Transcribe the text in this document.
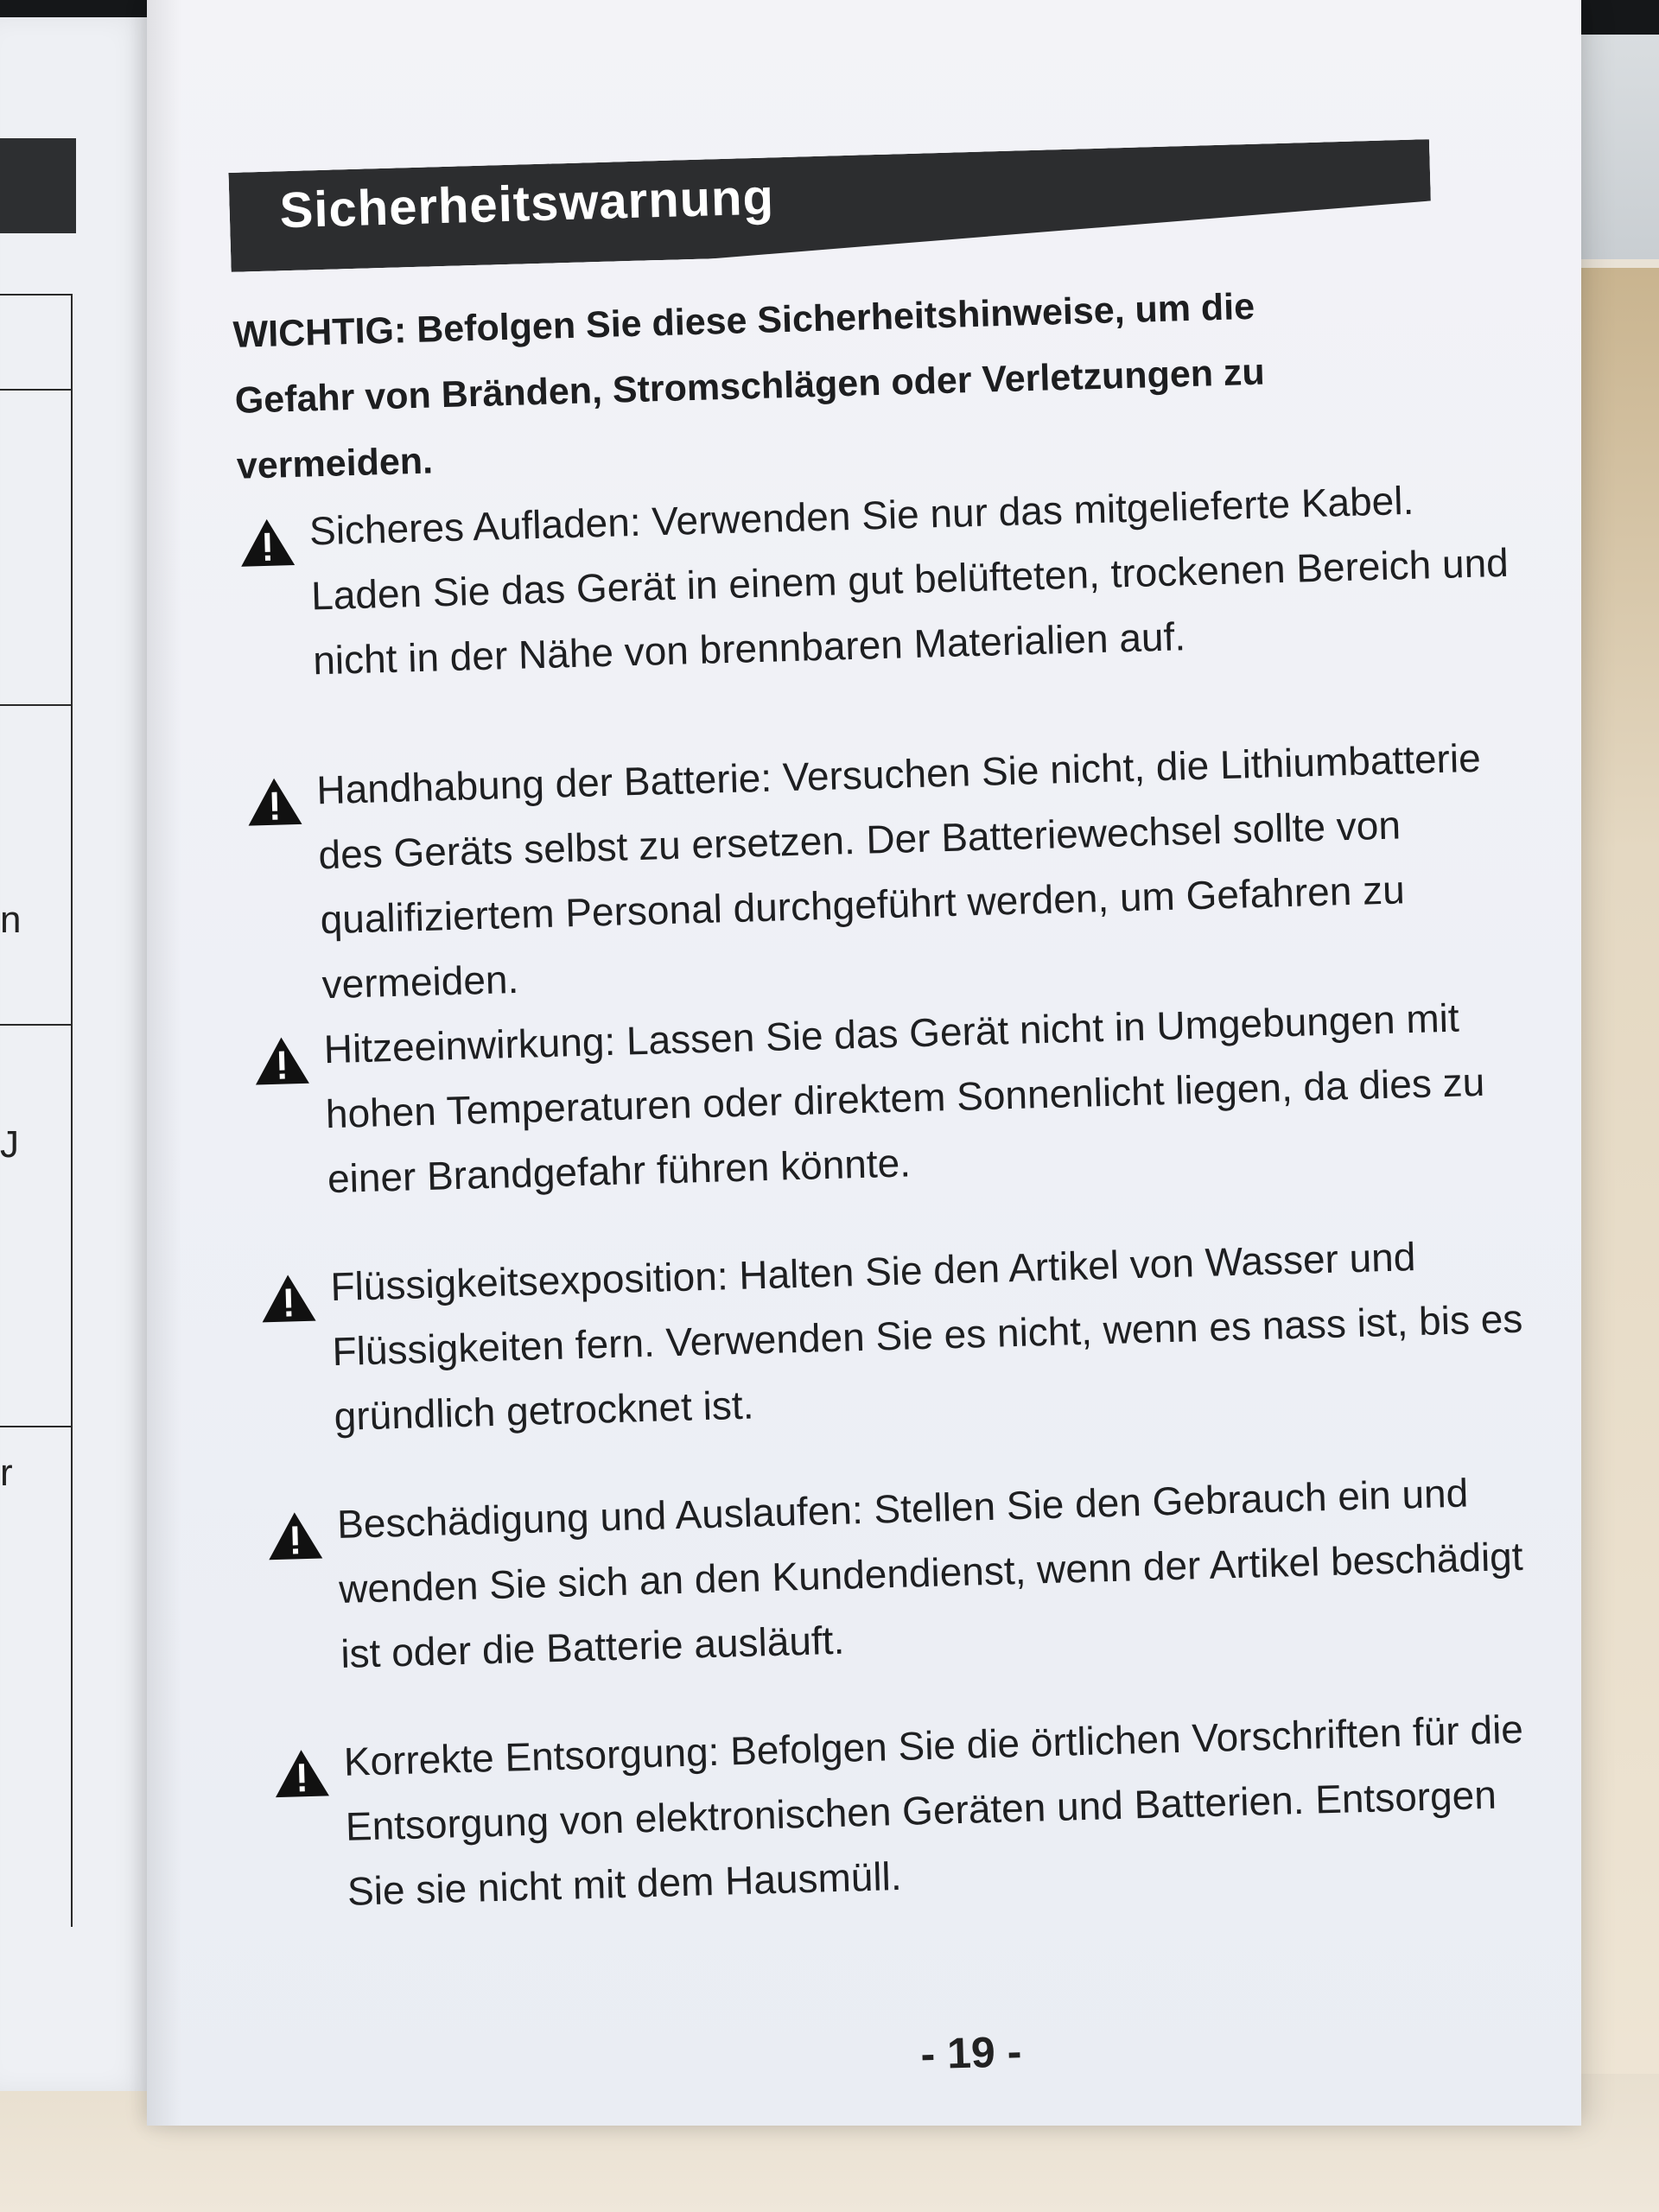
n
J
r
Sicherheitswarnung
WICHTIG: Befolgen Sie diese Sicherheitshinweise, um die Gefahr von Bränden, Stromschlägen oder Verletzungen zu vermeiden.
Sicheres Aufladen: Verwenden Sie nur das mitgelieferte Kabel. Laden Sie das Gerät in einem gut belüfteten, trockenen Bereich und nicht in der Nähe von brennbaren Materialien auf.
Handhabung der Batterie: Versuchen Sie nicht, die Lithiumbatterie des Geräts selbst zu ersetzen. Der Batteriewechsel sollte von qualifiziertem Personal durchgeführt werden, um Gefahren zu vermeiden.
Hitzeeinwirkung: Lassen Sie das Gerät nicht in Umgebungen mit hohen Temperaturen oder direktem Sonnenlicht liegen, da dies zu einer Brandgefahr führen könnte.
Flüssigkeitsexposition: Halten Sie den Artikel von Wasser und Flüssigkeiten fern. Verwenden Sie es nicht, wenn es nass ist, bis es gründlich getrocknet ist.
Beschädigung und Auslaufen: Stellen Sie den Gebrauch ein und wenden Sie sich an den Kundendienst, wenn der Artikel beschädigt ist oder die Batterie ausläuft.
Korrekte Entsorgung: Befolgen Sie die örtlichen Vorschriften für die Entsorgung von elektronischen Geräten und Batterien. Entsorgen Sie sie nicht mit dem Hausmüll.
- 19 -
